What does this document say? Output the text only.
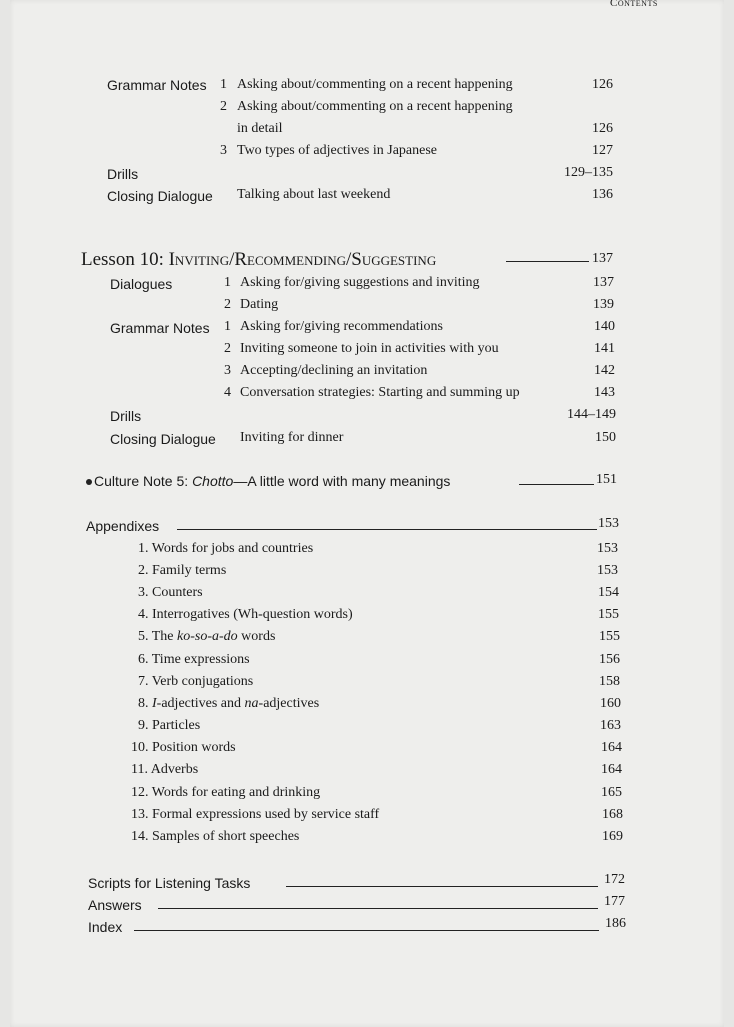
Contents
Grammar Notes 1 Asking about/commenting on a recent happening	126
2 Asking about/commenting on a recent happening
in detail	126
3 Two types of adjectives in Japanese	127
Drills	129–135
Closing Dialogue Talking about last weekend	136
Lesson 10: Inviting/Recommending/Suggesting	137
Dialogues	1 Asking for/giving suggestions and inviting	137
2 Dating	139
Grammar Notes 1 Asking for/giving recommendations	140
2 Inviting someone to join in activities with you	141
3 Accepting/declining an invitation	142
4 Conversation strategies: Starting and summing up	143
Drills	144–149
Closing Dialogue Inviting for dinner	150
Culture Note 5: Chotto—A little word with many meanings	151
Appendixes	153
1. Words for jobs and countries	153
2. Family terms	153
3. Counters	154
4. Interrogatives (Wh-question words)	155
5. The ko-so-a-do words	155
6. Time expressions	156
7. Verb conjugations	158
8. I-adjectives and na-adjectives	160
9. Particles	163
10. Position words	164
11. Adverbs	164
12. Words for eating and drinking	165
13. Formal expressions used by service staff	168
14. Samples of short speeches	169
Scripts for Listening Tasks	172
Answers	177
Index	186
